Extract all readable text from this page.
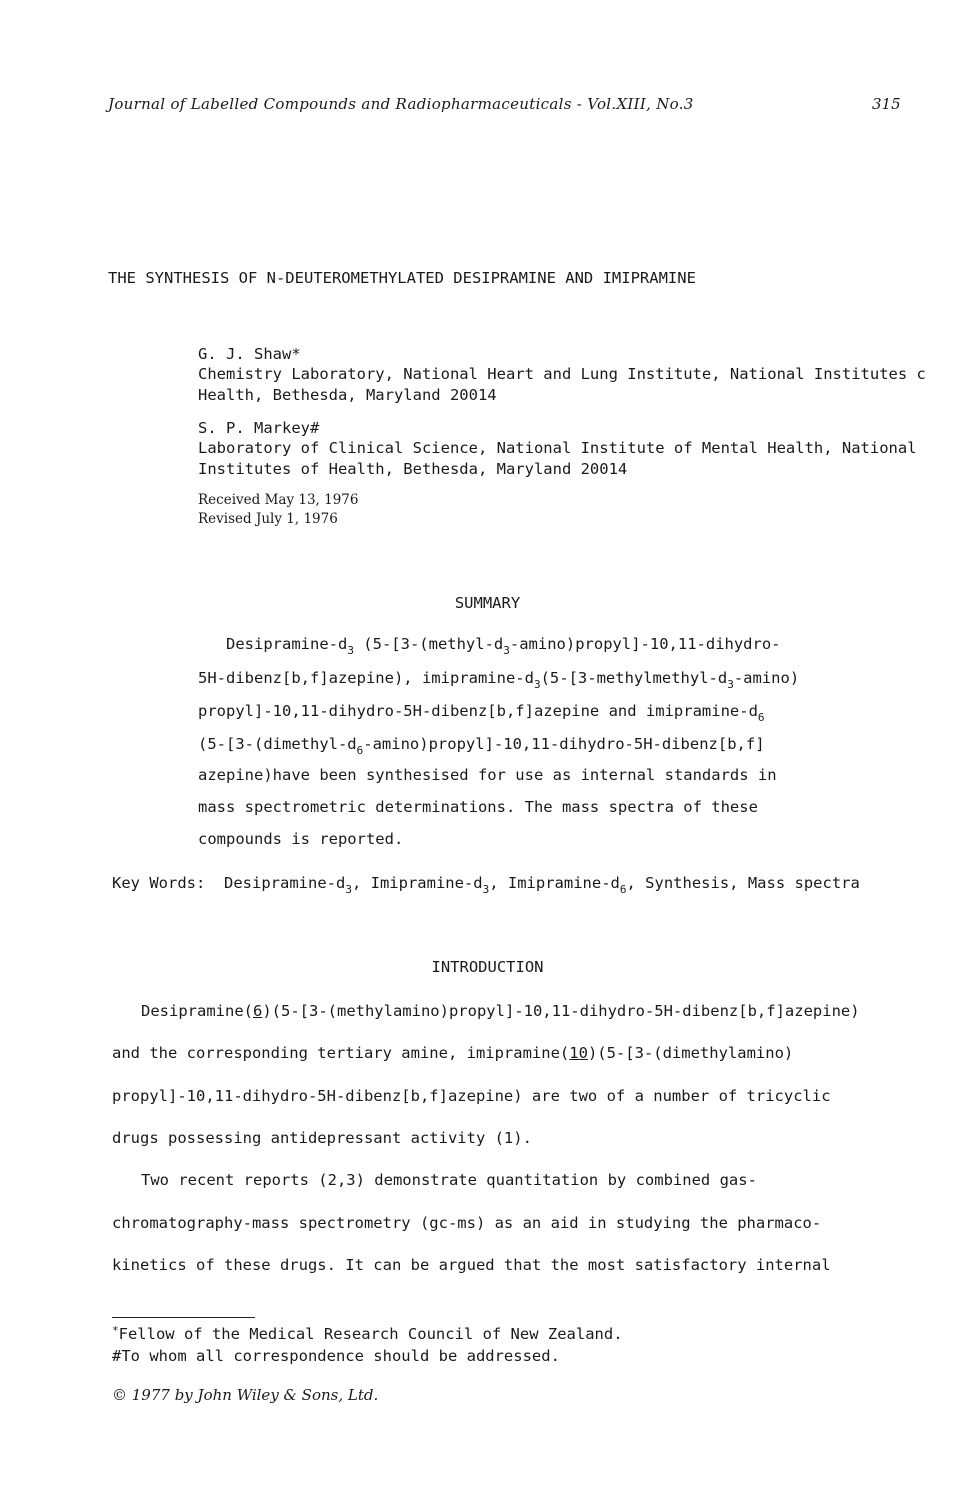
Journal of Labelled Compounds and Radiopharmaceuticals - Vol.XIII, No.3	315
THE SYNTHESIS OF N-DEUTEROMETHYLATED DESIPRAMINE AND IMIPRAMINE
G. J. Shaw*
Chemistry Laboratory, National Heart and Lung Institute, National Institutes c
Health, Bethesda, Maryland 20014
S. P. Markey#
Laboratory of Clinical Science, National Institute of Mental Health, National
Institutes of Health, Bethesda, Maryland 20014
Received May 13, 1976
Revised July 1, 1976
SUMMARY
Desipramine-$d_3$ ($5-[3-(methyl-d_3-amino)propyl]-10,11-dihydro-$
5H-dibenz[b,f]azepine), imipramine-$d_3(5-[3-methylmethyl-d_3-amino)$
propyl]-10,11-dihydro-5H-dibenz[b,f]azepine and imipramine-$d_6$
($5-[3-(dimethyl-d_6-amino)propyl]-10,11-dihydro-5H-dibenz[b,f]$
azepine)have been synthesised for use as internal standards in
mass spectrometric determinations. The mass spectra of these
compounds is reported.
Key Words: Desipramine-$d_3$, Imipramine-$d_3$, Imipramine-$d_6$, Synthesis, Mass spectra
INTRODUCTION
Desipramine(6)(5-[3-(methylamino)propyl]-10,11-dihydro-5H-dibenz[b,f]azepine)
and the corresponding tertiary amine, imipramine(10)(5-[3-(dimethylamino)
propyl]-10,11-dihydro-5H-dibenz[b,f]azepine) are two of a number of tricyclic
drugs possessing antidepressant activity (1).
Two recent reports (2,3) demonstrate quantitation by combined gas-
chromatography-mass spectrometry (gc-ms) as an aid in studying the pharmaco-
kinetics of these drugs. It can be argued that the most satisfactory internal
*Fellow of the Medical Research Council of New Zealand.
#To whom all correspondence should be addressed.
© 1977 by John Wiley & Sons, Ltd.
